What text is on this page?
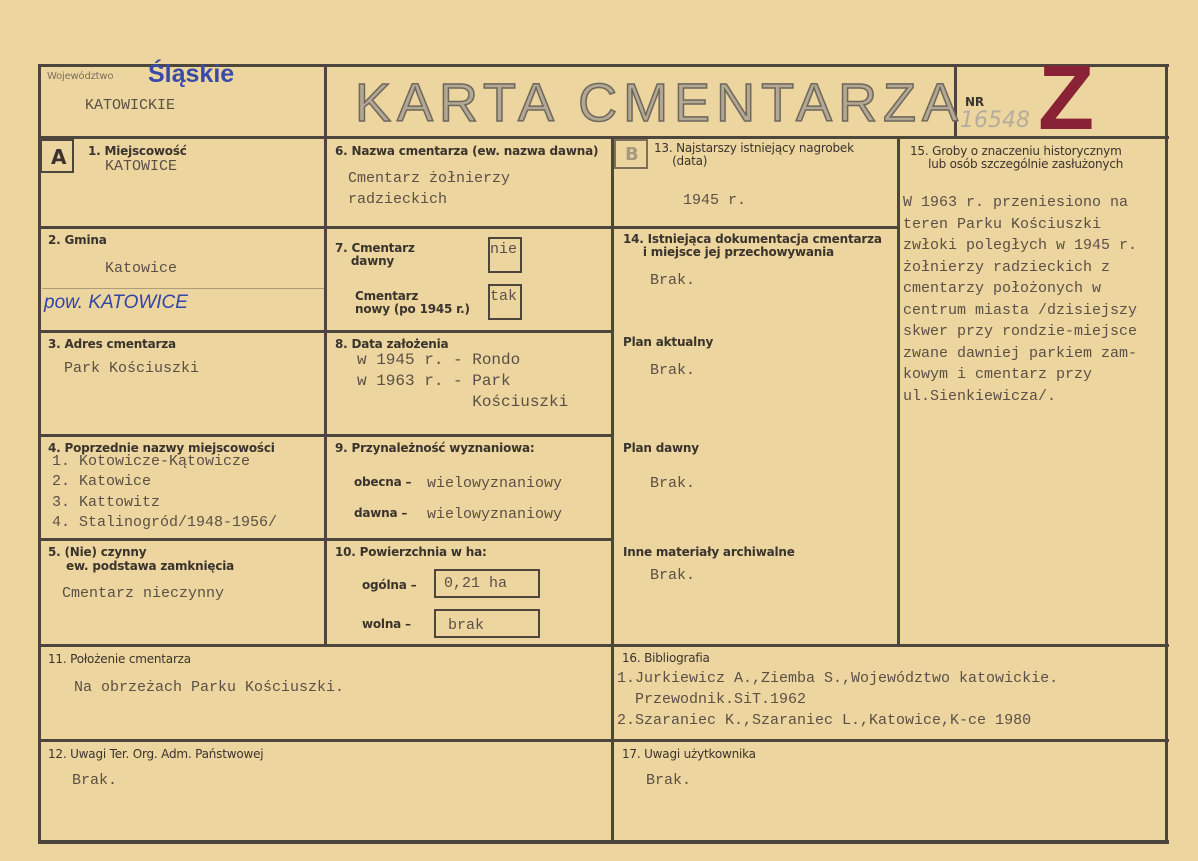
Województwo Śląskie
KATOWICKIE	KARTA CMENTARZA NR
16548 Z
A	B
1. Miejscowość
KATOWICE
2. Gmina
Katowice
pow. KATOWICE
3. Adres cmentarza
Park Kościuszki
4. Poprzednie nazwy miejscowości
1. Kotowicze-Kątowicze
2. Katowice
3. Kattowitz
4. Stalinogród/1948-1956/
5. (Nie) czynny
ew. podstawa zamknięcia
Cmentarz nieczynny
6. Nazwa cmentarza (ew. nazwa dawna)
Cmentarz żołnierzy
radzieckich
7. Cmentarz
dawny
nie
Cmentarz
nowy (po 1945 r.)
tak
8. Data założenia
w 1945 r. - Rondo
w 1963 r. - Park
Kościuszki
9. Przynależność wyznaniowa:
obecna – wielowyznaniowy
dawna – wielowyznaniowy
10. Powierzchnia w ha:
ogólna – 0,21 ha
wolna – brak
13. Najstarszy istniejący nagrobek
(data)
1945 r.
14. Istniejąca dokumentacja cmentarza
i miejsce jej przechowywania
Brak.
Plan aktualny
Brak.
Plan dawny
Brak.
Inne materiały archiwalne
Brak.
15. Groby o znaczeniu historycznym
lub osób szczególnie zasłużonych
W 1963 r. przeniesiono na
teren Parku Kościuszki
zwłoki poległych w 1945 r.
żołnierzy radzieckich z
cmentarzy położonych w
centrum miasta /dzisiejszy
skwer przy rondzie-miejsce
zwane dawniej parkiem zam-
kowym i cmentarz przy
ul.Sienkiewicza/.
11. Położenie cmentarza
Na obrzeżach Parku Kościuszki.
12. Uwagi Ter. Org. Adm. Państwowej
Brak.
16. Bibliografia
1.Jurkiewicz A.,Ziemba S.,Województwo katowickie.
Przewodnik.SiT.1962
2.Szaraniec K.,Szaraniec L.,Katowice,K-ce 1980
17. Uwagi użytkownika
Brak.
